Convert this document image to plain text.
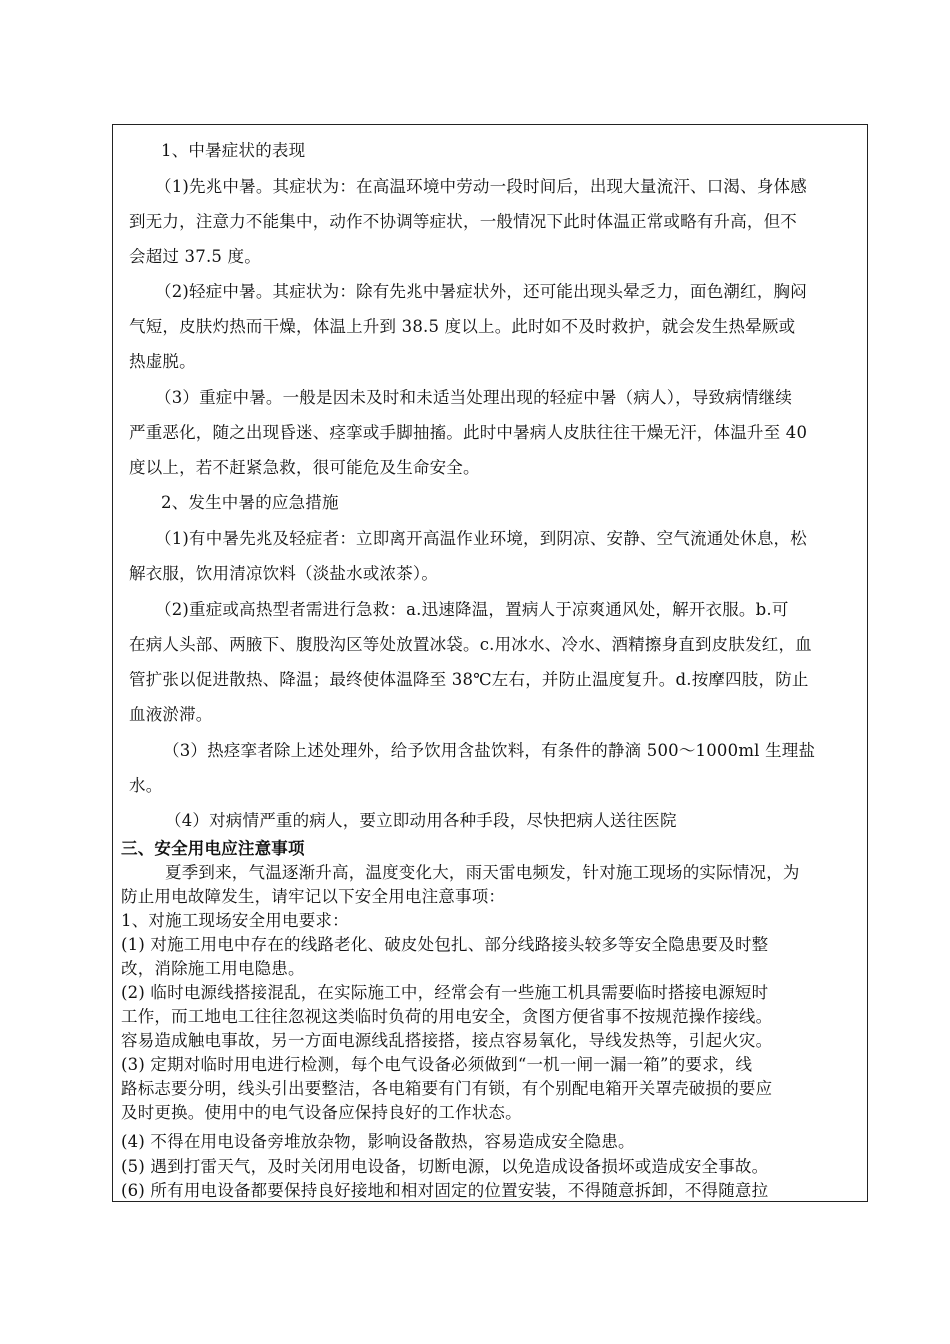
1、中暑症状的表现
（1)先兆中暑。其症状为：在高温环境中劳动一段时间后，出现大量流汗、口渴、身体感
到无力，注意力不能集中，动作不协调等症状，一般情况下此时体温正常或略有升高，但不
会超过 37.5 度。
（2)轻症中暑。其症状为：除有先兆中暑症状外，还可能出现头晕乏力，面色潮红，胸闷
气短，皮肤灼热而干燥，体温上升到 38.5 度以上。此时如不及时救护，就会发生热晕厥或
热虚脱。
（3）重症中暑。一般是因未及时和未适当处理出现的轻症中暑（病人），导致病情继续
严重恶化，随之出现昏迷、痉挛或手脚抽搐。此时中暑病人皮肤往往干燥无汗，体温升至 40
度以上，若不赶紧急救，很可能危及生命安全。
2、发生中暑的应急措施
（1)有中暑先兆及轻症者：立即离开高温作业环境，到阴凉、安静、空气流通处休息，松
解衣服，饮用清凉饮料（淡盐水或浓茶）。
（2)重症或高热型者需进行急救：a.迅速降温，置病人于凉爽通风处，解开衣服。b.可
在病人头部、两腋下、腹股沟区等处放置冰袋。c.用冰水、冷水、酒精擦身直到皮肤发红，血
管扩张以促进散热、降温；最终使体温降至 38℃左右，并防止温度复升。d.按摩四肢，防止
血液淤滞。
（3）热痉挛者除上述处理外，给予饮用含盐饮料，有条件的静滴 500～1000ml 生理盐
水。
（4）对病情严重的病人，要立即动用各种手段，尽快把病人送往医院
三、安全用电应注意事项
夏季到来，气温逐渐升高，温度变化大，雨天雷电频发，针对施工现场的实际情况，为
防止用电故障发生，请牢记以下安全用电注意事项：
1、对施工现场安全用电要求：
(1) 对施工用电中存在的线路老化、破皮处包扎、部分线路接头较多等安全隐患要及时整
改，消除施工用电隐患。
(2) 临时电源线搭接混乱，在实际施工中，经常会有一些施工机具需要临时搭接电源短时
工作，而工地电工往往忽视这类临时负荷的用电安全，贪图方便省事不按规范操作接线。
容易造成触电事故，另一方面电源线乱搭接搭，接点容易氧化，导线发热等，引起火灾。
(3) 定期对临时用电进行检测，每个电气设备必须做到“一机一闸一漏一箱”的要求，线
路标志要分明，线头引出要整洁，各电箱要有门有锁，有个别配电箱开关罩壳破损的要应
及时更换。使用中的电气设备应保持良好的工作状态。
(4) 不得在用电设备旁堆放杂物，影响设备散热，容易造成安全隐患。
(5) 遇到打雷天气，及时关闭用电设备，切断电源，以免造成设备损坏或造成安全事故。
(6) 所有用电设备都要保持良好接地和相对固定的位置安装，不得随意拆卸，不得随意拉
